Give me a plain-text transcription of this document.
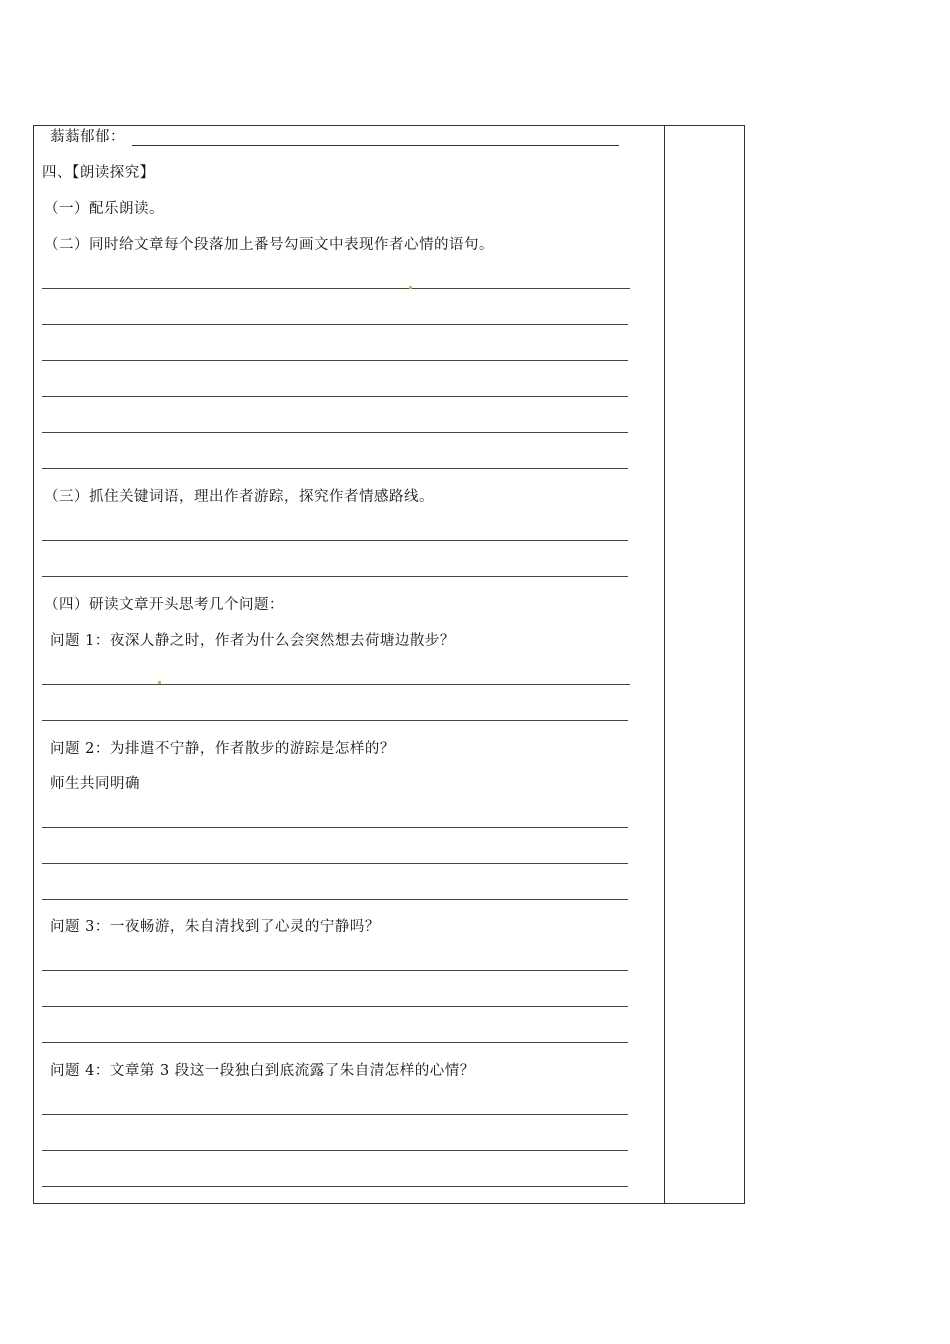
蓊蓊郁郁：
四、【朗读探究】
（一）配乐朗读。
（二）同时给文章每个段落加上番号勾画文中表现作者心情的语句。
（三）抓住关键词语，理出作者游踪，探究作者情感路线。
（四）研读文章开头思考几个问题：
问题 1：夜深人静之时，作者为什么会突然想去荷塘边散步？
问题 2：为排遣不宁静，作者散步的游踪是怎样的？
师生共同明确
问题 3：一夜畅游，朱自清找到了心灵的宁静吗？
问题 4：文章第 3 段这一段独白到底流露了朱自清怎样的心情？
